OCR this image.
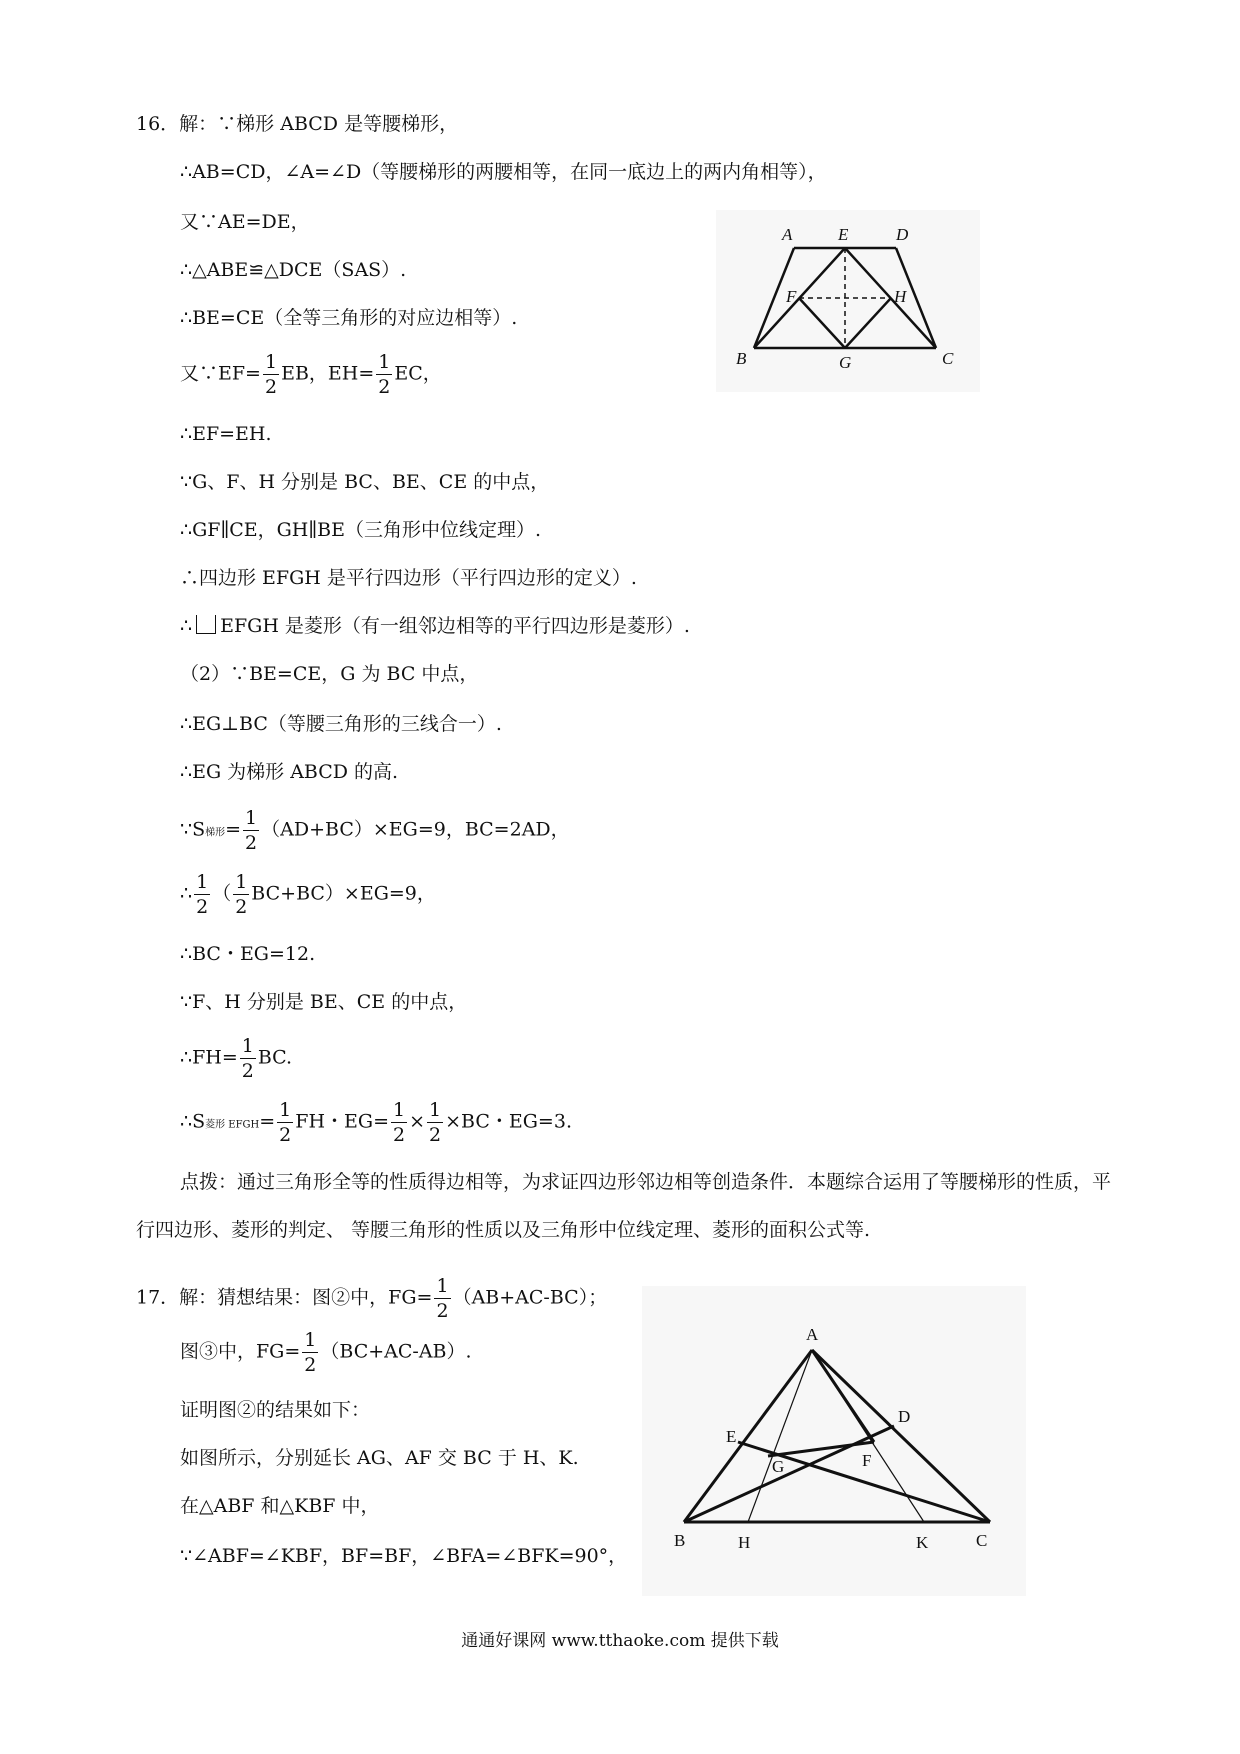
16．解：∵梯形 ABCD 是等腰梯形，
∴AB=CD，∠A=∠D（等腰梯形的两腰相等，在同一底边上的两内角相等），
又∵AE=DE，
∴△ABE≌△DCE（SAS）.
∴BE=CE（全等三角形的对应边相等）.
又∵EF= $\frac{1}{2}$ EB，$EH= \frac{1}{2}$ EC，
∴EF=EH.
∵G、F、H 分别是 BC、BE、CE 的中点，
∴GF∥CE，GH∥BE（三角形中位线定理）.
∴四边形 EFGH 是平行四边形（平行四边形的定义）.
∴ EFGH 是菱形（有一组邻边相等的平行四边形是菱形）.
（2）∵BE=CE，G 为 BC 中点，
∴EG⊥BC（等腰三角形的三线合一）.
∴EG 为梯形 ABCD 的高.
∵S梯形= $\frac{1}{2} (AD+BC)\times EG=9$，BC=2AD，
∴ $\frac{1}{2}$ （ $\frac{1}{2} BC+BC)\times EG=9$，
∴BC・EG=12.
∵F、H 分别是 BE、CE 的中点，
∴FH= $\frac{1}{2}$ BC.
∴S菱形 EFGH= $\frac{1}{2}$ FH・$EG= \frac{1}{2} \times \frac{1}{2} \times BC$・EG=3.
点拨：通过三角形全等的性质得边相等，为求证四边形邻边相等创造条件．本题综合运用了等腰梯形的性质，平行四边形、菱形的判定、 等腰三角形的性质以及三角形中位线定理、菱形的面积公式等.
A	E	D
F	H
B	G	C
17．解：猜想结果：图②中，$FG= \frac{1}{2} (AB+AC-BC)$；
图③中，$FG= \frac{1}{2} (BC+AC-AB)$.
证明图②的结果如下：
如图所示，分别延长 AG、AF 交 BC 于 H、K.
在△ABF 和△KBF 中，
∵∠ABF=∠KBF，BF=BF，∠BFA=∠BFK=90°，
A
D
E
G	F
B	H	K	C
通通好课网 www.tthaoke.com 提供下载
